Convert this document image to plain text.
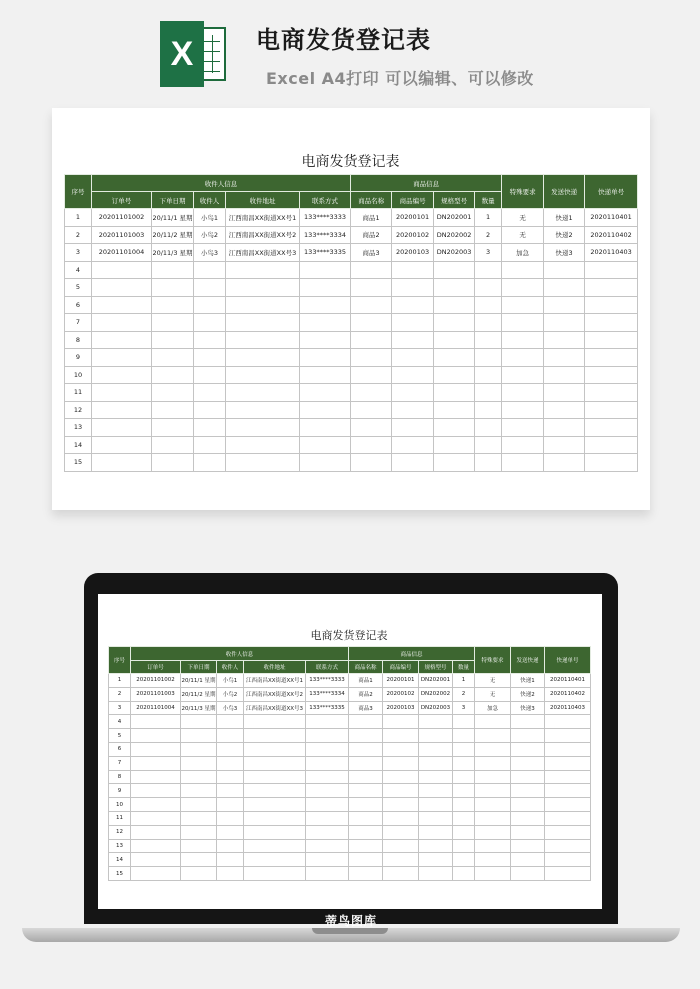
X	电商发货登记表
Excel A4打印 可以编辑、可以修改
电商发货登记表
序号	收件人信息					商品信息				特殊要求	发送快递	快递单号
	订单号	下单日期	收件人	收件地址	联系方式	商品名称	商品编号	规格型号	数量			
1	20201101002	20/11/1 星期	小鸟1	江西南昌XX街道XX号1	133****3333	商品1	20200101	DN202001	1	无	快递1	2020110401
2	20201101003	20/11/2 星期	小鸟2	江西南昌XX街道XX号2	133****3334	商品2	20200102	DN202002	2	无	快递2	2020110402
3	20201101004	20/11/3 星期	小鸟3	江西南昌XX街道XX号3	133****3335	商品3	20200103	DN202003	3	加急	快递3	2020110403
4												
5												
6												
7												
8												
9												
10												
11												
12												
13												
14												
15												
电商发货登记表
序号	收件人信息					商品信息				特殊要求	发送快递	快递单号
	订单号	下单日期	收件人	收件地址	联系方式	商品名称	商品编号	规格型号	数量			
1	20201101002	20/11/1 星期	小鸟1	江西南昌XX街道XX号1	133****3333	商品1	20200101	DN202001	1	无	快递1	2020110401
2	20201101003	20/11/2 星期	小鸟2	江西南昌XX街道XX号2	133****3334	商品2	20200102	DN202002	2	无	快递2	2020110402
3	20201101004	20/11/3 星期	小鸟3	江西南昌XX街道XX号3	133****3335	商品3	20200103	DN202003	3	加急	快递3	2020110403
4												
5												
6												
7												
8												
9												
10												
11												
12												
13												
14												
15												
蒂鸟图库
